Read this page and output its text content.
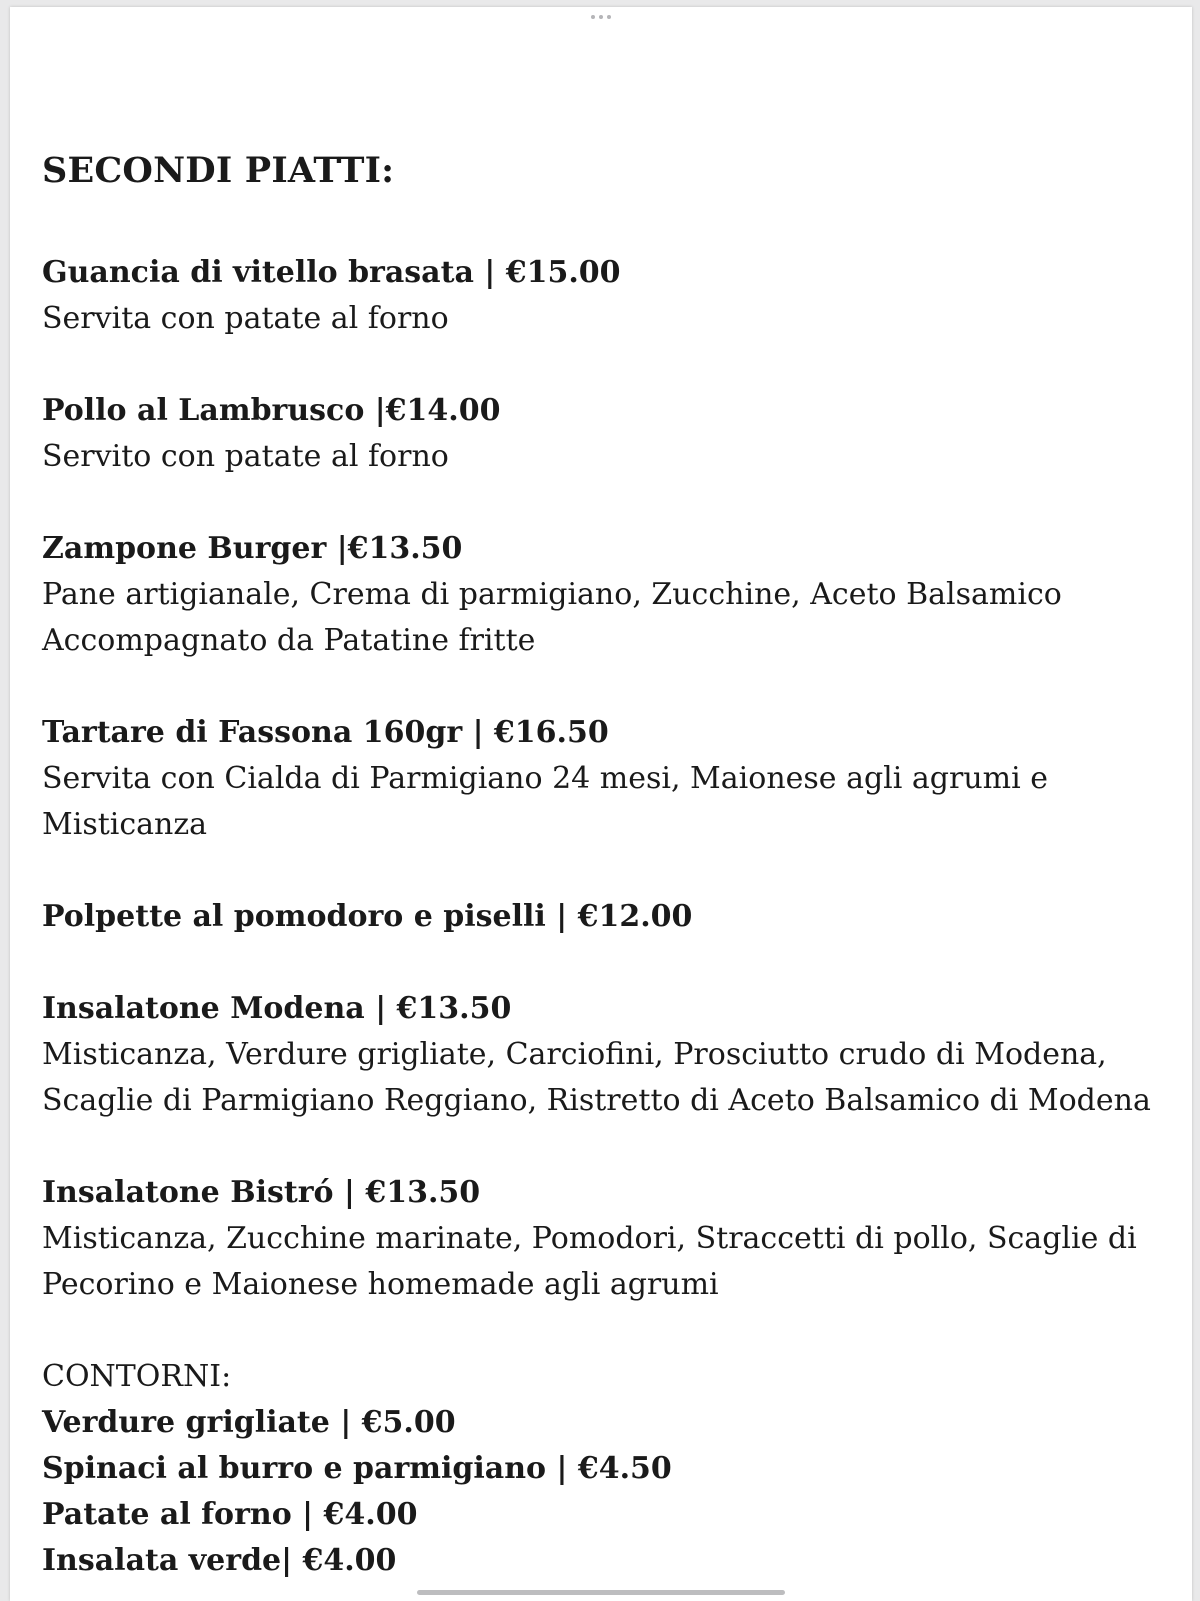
SECONDI PIATTI:
Guancia di vitello brasata | €15.00
Servita con patate al forno
Pollo al Lambrusco |€14.00
Servito con patate al forno
Zampone Burger |€13.50
Pane artigianale, Crema di parmigiano, Zucchine, Aceto Balsamico
Accompagnato da Patatine fritte
Tartare di Fassona 160gr | €16.50
Servita con Cialda di Parmigiano 24 mesi, Maionese agli agrumi e
Misticanza
Polpette al pomodoro e piselli | €12.00
Insalatone Modena | €13.50
Misticanza, Verdure grigliate, Carciofini, Prosciutto crudo di Modena,
Scaglie di Parmigiano Reggiano, Ristretto di Aceto Balsamico di Modena
Insalatone Bistró | €13.50
Misticanza, Zucchine marinate, Pomodori, Straccetti di pollo, Scaglie di
Pecorino e Maionese homemade agli agrumi
CONTORNI:
Verdure grigliate | €5.00
Spinaci al burro e parmigiano | €4.50
Patate al forno | €4.00
Insalata verde| €4.00
